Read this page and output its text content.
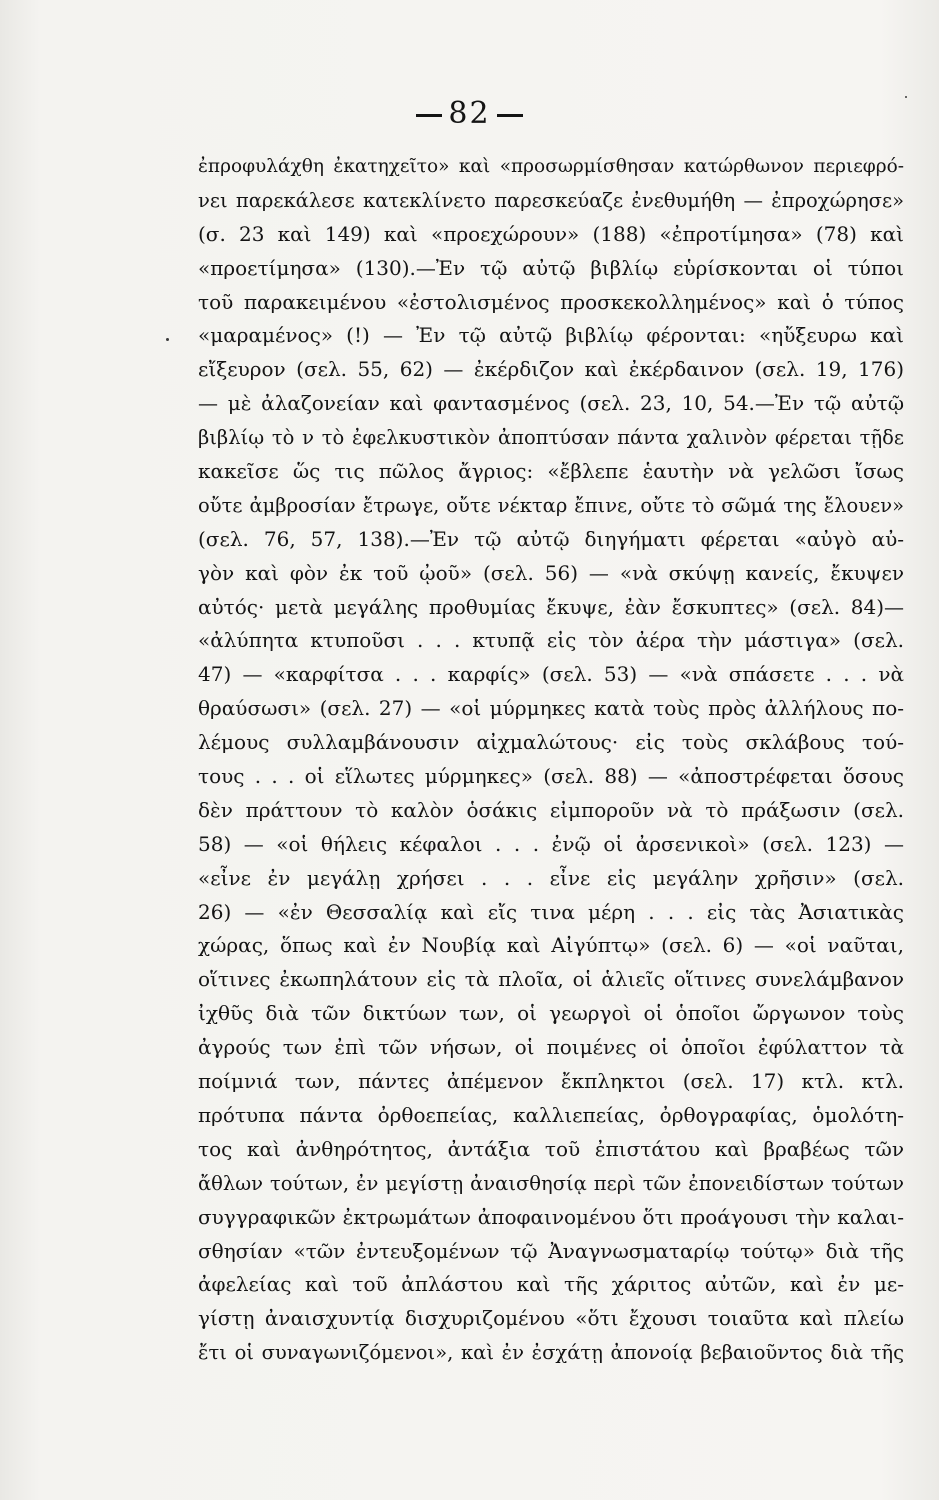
82
ἐπροφυλάχθη ἐκατηχεῖτο» καὶ «προσωρμίσθησαν κατώρθωνον περιεφρό-
νει παρεκάλεσε κατεκλίνετο παρεσκεύαζε ἐνεθυμήθη — ἐπροχώρησε»
(σ. 23 καὶ 149) καὶ «προεχώρουν» (188) «ἐπροτίμησα» (78) καὶ
«προετίμησα» (130).—Ἐν τῷ αὐτῷ βιβλίῳ εὑρίσκονται οἱ τύποι
τοῦ παρακειμένου «ἐστολισμένος προσκεκολλημένος» καὶ ὁ τύπος
«μαραμένος» (!) — Ἐν τῷ αὐτῷ βιβλίῳ φέρονται: «ηὔξευρω καὶ
εἴξευρον (σελ. 55, 62) — ἐκέρδιζον καὶ ἐκέρδαινον (σελ. 19, 176)
— μὲ ἀλαζονείαν καὶ φαντασμένος (σελ. 23, 10, 54.—Ἐν τῷ αὐτῷ
βιβλίῳ τὸ ν τὸ ἐφελκυστικὸν ἀποπτύσαν πάντα χαλινὸν φέρεται τῇδε
κακεῖσε ὥς τις πῶλος ἄγριος: «ἔβλεπε ἑαυτὴν νὰ γελῶσι ἴσως
οὔτε ἀμβροσίαν ἔτρωγε, οὔτε νέκταρ ἔπινε, οὔτε τὸ σῶμά της ἔλουεν»
(σελ. 76, 57, 138).—Ἐν τῷ αὐτῷ διηγήματι φέρεται «αὐγὸ αὐ-
γὸν καὶ φὸν ἐκ τοῦ ᾠοῦ» (σελ. 56) — «νὰ σκύψῃ κανείς, ἔκυψεν
αὐτός· μετὰ μεγάλης προθυμίας ἔκυψε, ἐὰν ἔσκυπτες» (σελ. 84)—
«ἀλύπητα κτυποῦσι . . . κτυπᾷ εἰς τὸν ἀέρα τὴν μάστιγα» (σελ.
47) — «καρφίτσα . . . καρφίς» (σελ. 53) — «νὰ σπάσετε . . . νὰ
θραύσωσι» (σελ. 27) — «οἱ μύρμηκες κατὰ τοὺς πρὸς ἀλλήλους πο-
λέμους συλλαμβάνουσιν αἰχμαλώτους· εἰς τοὺς σκλάβους τού-
τους . . . οἱ εἵλωτες μύρμηκες» (σελ. 88) — «ἀποστρέφεται ὅσους
δὲν πράττουν τὸ καλὸν ὁσάκις εἰμποροῦν νὰ τὸ πράξωσιν (σελ.
58) — «οἱ θήλεις κέφαλοι . . . ἐνῷ οἱ ἀρσενικοὶ» (σελ. 123) —
«εἶνε ἐν μεγάλῃ χρήσει . . . εἶνε εἰς μεγάλην χρῆσιν» (σελ.
26) — «ἐν Θεσσαλίᾳ καὶ εἴς τινα μέρη . . . εἰς τὰς Ἀσιατικὰς
χώρας, ὅπως καὶ ἐν Νουβίᾳ καὶ Αἰγύπτῳ» (σελ. 6) — «οἱ ναῦται,
οἵτινες ἐκωπηλάτουν εἰς τὰ πλοῖα, οἱ ἁλιεῖς οἵτινες συνελάμβανον
ἰχθῦς διὰ τῶν δικτύων των, οἱ γεωργοὶ οἱ ὁποῖοι ὤργωνον τοὺς
ἀγρούς των ἐπὶ τῶν νήσων, οἱ ποιμένες οἱ ὁποῖοι ἐφύλαττον τὰ
ποίμνιά των, πάντες ἀπέμενον ἔκπληκτοι (σελ. 17) κτλ. κτλ.
πρότυπα πάντα ὀρθοεπείας, καλλιεπείας, ὀρθογραφίας, ὁμολότη-
τος καὶ ἀνθηρότητος, ἀντάξια τοῦ ἐπιστάτου καὶ βραβέως τῶν
ἄθλων τούτων, ἐν μεγίστῃ ἀναισθησίᾳ περὶ τῶν ἐπονειδίστων τούτων
συγγραφικῶν ἐκτρωμάτων ἀποφαινομένου ὅτι προάγουσι τὴν καλαι-
σθησίαν «τῶν ἐντευξομένων τῷ Ἀναγνωσματαρίῳ τούτῳ» διὰ τῆς
ἀφελείας καὶ τοῦ ἀπλάστου καὶ τῆς χάριτος αὐτῶν, καὶ ἐν με-
γίστῃ ἀναισχυντίᾳ δισχυριζομένου «ὅτι ἔχουσι τοιαῦτα καὶ πλείω
ἔτι οἱ συναγωνιζόμενοι», καὶ ἐν ἐσχάτῃ ἀπονοίᾳ βεβαιοῦντος διὰ τῆς
